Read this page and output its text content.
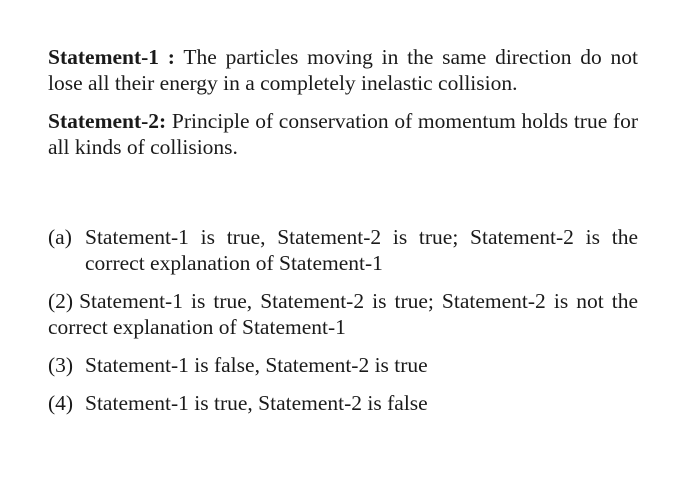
Statement-1 : The particles moving in the same direction do not lose all their energy in a completely inelastic collision.

Statement-2: Principle of conservation of momentum holds true for all kinds of collisions.

(a) Statement-1 is true, Statement-2 is true; Statement-2 is the correct explanation of Statement-1

(2) Statement-1 is true, Statement-2 is true; Statement-2 is not the correct explanation of Statement-1

(3) Statement-1 is false, Statement-2 is true

(4) Statement-1 is true, Statement-2 is false
